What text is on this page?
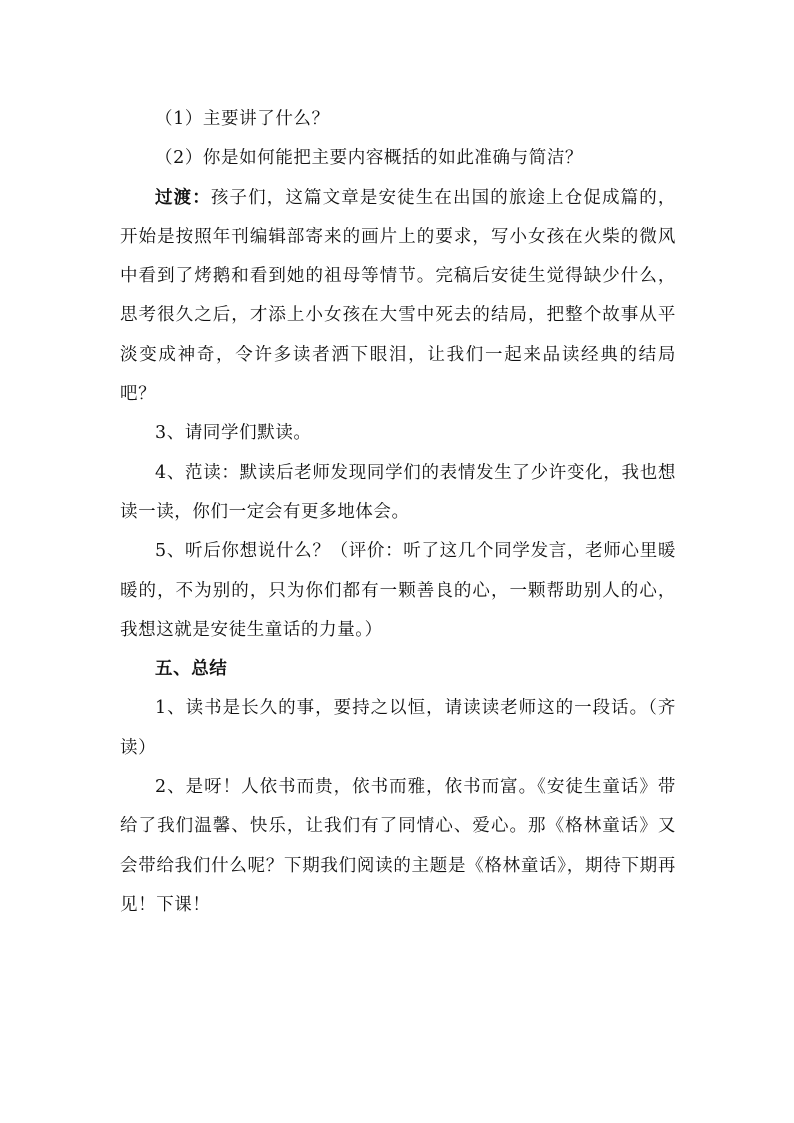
（1）主要讲了什么？

（2）你是如何能把主要内容概括的如此准确与简洁？

过渡：孩子们，这篇文章是安徒生在出国的旅途上仓促成篇的，开始是按照年刊编辑部寄来的画片上的要求，写小女孩在火柴的微风中看到了烤鹅和看到她的祖母等情节。完稿后安徒生觉得缺少什么，思考很久之后，才添上小女孩在大雪中死去的结局，把整个故事从平淡变成神奇，令许多读者洒下眼泪，让我们一起来品读经典的结局吧？

3、请同学们默读。

4、范读：默读后老师发现同学们的表情发生了少许变化，我也想读一读，你们一定会有更多地体会。

5、听后你想说什么？（评价：听了这几个同学发言，老师心里暖暖的，不为别的，只为你们都有一颗善良的心，一颗帮助别人的心，我想这就是安徒生童话的力量。）

五、总结

1、读书是长久的事，要持之以恒，请读读老师这的一段话。（齐读）

2、是呀！人依书而贵，依书而雅，依书而富。《安徒生童话》带给了我们温馨、快乐，让我们有了同情心、爱心。那《格林童话》又会带给我们什么呢？下期我们阅读的主题是《格林童话》，期待下期再见！下课！
